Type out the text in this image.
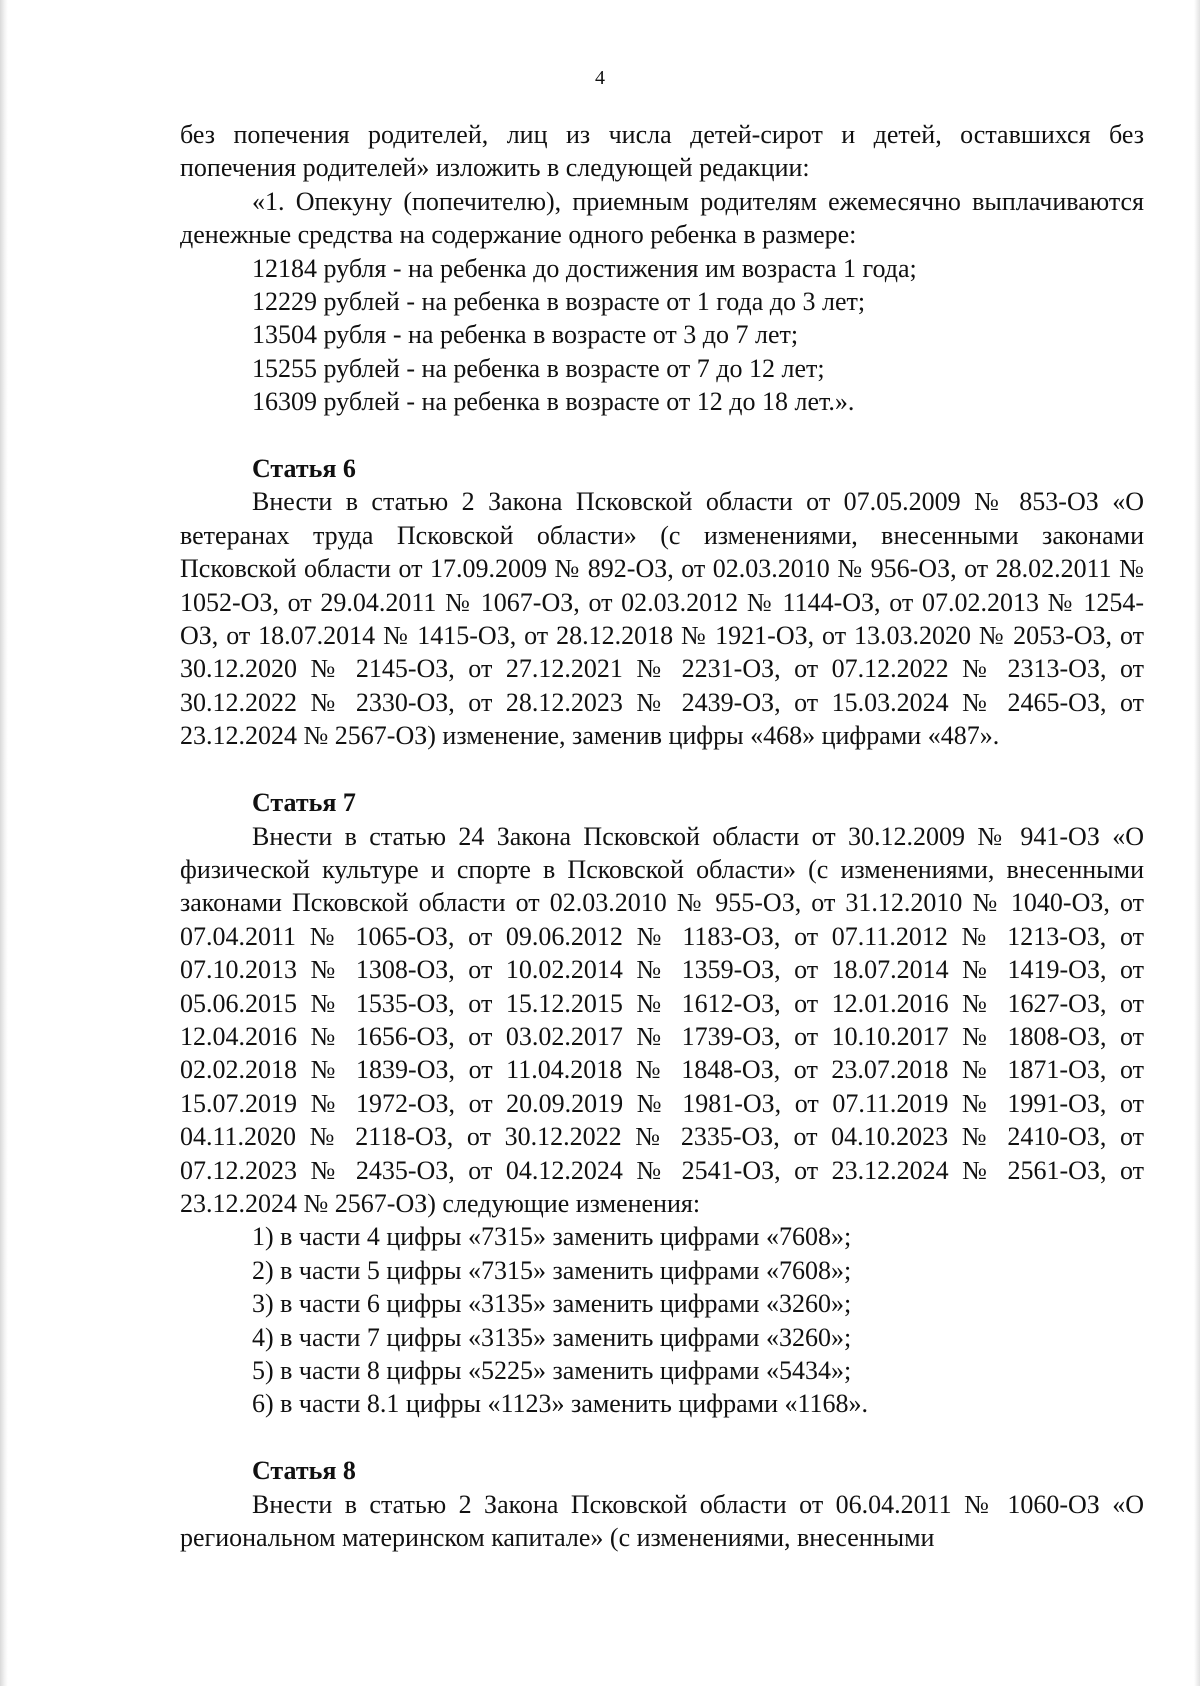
4

без попечения родителей, лиц из числа детей-сирот и детей, оставшихся без попечения родителей» изложить в следующей редакции:

«1. Опекуну (попечителю), приемным родителям ежемесячно выплачиваются денежные средства на содержание одного ребенка в размере:

12184 рубля - на ребенка до достижения им возраста 1 года;

12229 рублей - на ребенка в возрасте от 1 года до 3 лет;

13504 рубля - на ребенка в возрасте от 3 до 7 лет;

15255 рублей - на ребенка в возрасте от 7 до 12 лет;

16309 рублей - на ребенка в возрасте от 12 до 18 лет.».

Статья 6

Внести в статью 2 Закона Псковской области от 07.05.2009 № 853-ОЗ «О ветеранах труда Псковской области» (с изменениями, внесенными законами Псковской области от 17.09.2009 № 892-ОЗ, от 02.03.2010 № 956-ОЗ, от 28.02.2011 № 1052-ОЗ, от 29.04.2011 № 1067-ОЗ, от 02.03.2012 № 1144-ОЗ, от 07.02.2013 № 1254-ОЗ, от 18.07.2014 № 1415-ОЗ, от 28.12.2018 № 1921-ОЗ, от 13.03.2020 № 2053-ОЗ, от 30.12.2020 № 2145-ОЗ, от 27.12.2021 № 2231-ОЗ, от 07.12.2022 № 2313-ОЗ, от 30.12.2022 № 2330-ОЗ, от 28.12.2023 № 2439-ОЗ, от 15.03.2024 № 2465-ОЗ, от 23.12.2024 № 2567-ОЗ) изменение, заменив цифры «468» цифрами «487».

Статья 7

Внести в статью 24 Закона Псковской области от 30.12.2009 № 941-ОЗ «О физической культуре и спорте в Псковской области» (с изменениями, внесенными законами Псковской области от 02.03.2010 № 955-ОЗ, от 31.12.2010 № 1040-ОЗ, от 07.04.2011 № 1065-ОЗ, от 09.06.2012 № 1183-ОЗ, от 07.11.2012 № 1213-ОЗ, от 07.10.2013 № 1308-ОЗ, от 10.02.2014 № 1359-ОЗ, от 18.07.2014 № 1419-ОЗ, от 05.06.2015 № 1535-ОЗ, от 15.12.2015 № 1612-ОЗ, от 12.01.2016 № 1627-ОЗ, от 12.04.2016 № 1656-ОЗ, от 03.02.2017 № 1739-ОЗ, от 10.10.2017 № 1808-ОЗ, от 02.02.2018 № 1839-ОЗ, от 11.04.2018 № 1848-ОЗ, от 23.07.2018 № 1871-ОЗ, от 15.07.2019 № 1972-ОЗ, от 20.09.2019 № 1981-ОЗ, от 07.11.2019 № 1991-ОЗ, от 04.11.2020 № 2118-ОЗ, от 30.12.2022 № 2335-ОЗ, от 04.10.2023 № 2410-ОЗ, от 07.12.2023 № 2435-ОЗ, от 04.12.2024 № 2541-ОЗ, от 23.12.2024 № 2561-ОЗ, от 23.12.2024 № 2567-ОЗ) следующие изменения:

1) в части 4 цифры «7315» заменить цифрами «7608»;

2) в части 5 цифры «7315» заменить цифрами «7608»;

3) в части 6 цифры «3135» заменить цифрами «3260»;

4) в части 7 цифры «3135» заменить цифрами «3260»;

5) в части 8 цифры «5225» заменить цифрами «5434»;

6) в части 8.1 цифры «1123» заменить цифрами «1168».

Статья 8

Внести в статью 2 Закона Псковской области от 06.04.2011 № 1060-ОЗ «О региональном материнском капитале» (с изменениями, внесенными
